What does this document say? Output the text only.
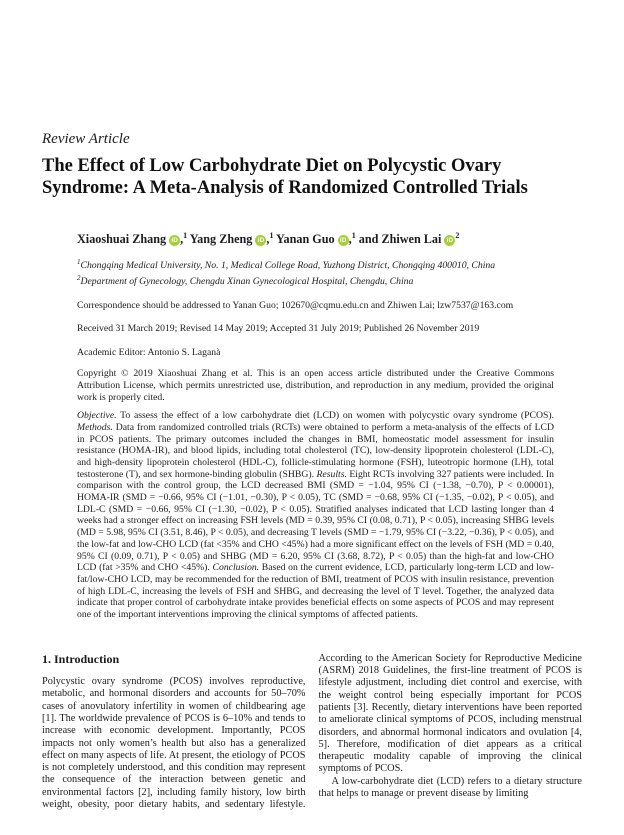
Review Article
The Effect of Low Carbohydrate Diet on Polycystic Ovary Syndrome: A Meta-Analysis of Randomized Controlled Trials
Xiaoshuai Zhang iD ,$^1$ Yang Zheng iD ,$^1$ Yanan Guo iD ,$^1$ and Zhiwen Lai $iD^2$
$^1$Chongqing Medical University, No. 1, Medical College Road, Yuzhong District, Chongqing 400010, China
$^2$Department of Gynecology, Chengdu Xinan Gynecological Hospital, Chengdu, China
Correspondence should be addressed to Yanan Guo; 102670@cqmu.edu.cn and Zhiwen Lai; lzw7537@163.com
Received 31 March 2019; Revised 14 May 2019; Accepted 31 July 2019; Published 26 November 2019
Academic Editor: Antonio S. Laganà
Copyright © 2019 Xiaoshuai Zhang et al. This is an open access article distributed under the Creative Commons Attribution License, which permits unrestricted use, distribution, and reproduction in any medium, provided the original work is properly cited.
Objective. To assess the effect of a low carbohydrate diet (LCD) on women with polycystic ovary syndrome (PCOS). Methods. Data from randomized controlled trials (RCTs) were obtained to perform a meta-analysis of the effects of LCD in PCOS patients. The primary outcomes included the changes in BMI, homeostatic model assessment for insulin resistance (HOMA-IR), and blood lipids, including total cholesterol (TC), low-density lipoprotein cholesterol (LDL-C), and high-density lipoprotein cholesterol (HDL-C), follicle-stimulating hormone (FSH), luteotropic hormone (LH), total testosterone (T), and sex hormone-binding globulin (SHBG). Results. Eight RCTs involving 327 patients were included. In comparison with the control group, the LCD decreased BMI (SMD = −1.04, 95% CI (−1.38, −0.70), P < 0.00001), HOMA-IR (SMD = −0.66, 95% CI (−1.01, −0.30), P < 0.05), TC (SMD = −0.68, 95% CI (−1.35, −0.02), P < 0.05), and LDL-C (SMD = −0.66, 95% CI (−1.30, −0.02), P < 0.05). Stratified analyses indicated that LCD lasting longer than 4 weeks had a stronger effect on increasing FSH levels (MD = 0.39, 95% CI (0.08, 0.71), P < 0.05), increasing SHBG levels (MD = 5.98, 95% CI (3.51, 8.46), P < 0.05), and decreasing T levels (SMD = −1.79, 95% CI (−3.22, −0.36), P < 0.05), and the low-fat and low-CHO LCD (fat <35% and CHO <45%) had a more significant effect on the levels of FSH (MD = 0.40, 95% CI (0.09, 0.71), P < 0.05) and SHBG (MD = 6.20, 95% CI (3.68, 8.72), P < 0.05) than the high-fat and low-CHO LCD (fat >35% and CHO <45%). Conclusion. Based on the current evidence, LCD, particularly long-term LCD and low-fat/low-CHO LCD, may be recommended for the reduction of BMI, treatment of PCOS with insulin resistance, prevention of high LDL-C, increasing the levels of FSH and SHBG, and decreasing the level of T level. Together, the analyzed data indicate that proper control of carbohydrate intake provides beneficial effects on some aspects of PCOS and may represent one of the important interventions improving the clinical symptoms of affected patients.
1. Introduction

Polycystic ovary syndrome (PCOS) involves reproductive, metabolic, and hormonal disorders and accounts for 50–70% cases of anovulatory infertility in women of childbearing age [1]. The worldwide prevalence of PCOS is 6–10% and tends to increase with economic development. Importantly, PCOS impacts not only women’s health but also has a generalized effect on many aspects of life. At present, the etiology of PCOS is not completely understood, and this condition may represent the consequence of the interaction between genetic and environmental factors [2], including family history, low birth weight, obesity, poor dietary habits, and sedentary lifestyle. According to the American Society for Reproductive Medicine (ASRM) 2018 Guidelines, the first-line treatment of PCOS is lifestyle adjustment, including diet control and exercise, with the weight control being especially important for PCOS patients [3]. Recently, dietary interventions have been reported to ameliorate clinical symptoms of PCOS, including menstrual disorders, and abnormal hormonal indicators and ovulation [4, 5]. Therefore, modification of diet appears as a critical therapeutic modality capable of improving the clinical symptoms of PCOS.

A low-carbohydrate diet (LCD) refers to a dietary structure that helps to manage or prevent disease by limiting
